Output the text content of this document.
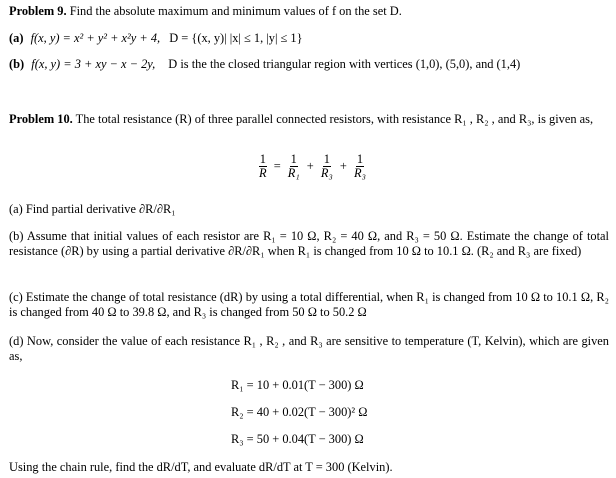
Problem 9. Find the absolute maximum and minimum values of f on the set D.
(a) f(x, y) = x² + y² + x²y + 4, D = {(x, y)| |x| ≤ 1, |y| ≤ 1}
(b) f(x, y) = 3 + xy − x − 2y, D is the the closed triangular region with vertices (1,0), (5,0), and (1,4)
Problem 10. The total resistance (R) of three parallel connected resistors, with resistance R₁ , R₂ , and R₃, is given as,
$\frac{1}{R} = \frac{1}{\text{R₁}} + \frac{1}{\text{R₃}} + \frac{1}{\text{R₃}}$
(a) Find partial derivative ∂R/∂R₁
(b) Assume that initial values of each resistor are R₁ = 10 Ω, R₂ = 40 Ω, and R₃ = 50 Ω. Estimate the change of total resistance (∂R) by using a partial derivative ∂R/∂R₁ when R₁ is changed from 10 Ω to 10.1 Ω. (R₂ and R₃ are fixed)
(c) Estimate the change of total resistance (dR) by using a total differential, when R₁ is changed from 10 Ω to 10.1 Ω, R₂ is changed from 40 Ω to 39.8 Ω, and R₃ is changed from 50 Ω to 50.2 Ω
(d) Now, consider the value of each resistance R₁ , R₂ , and R₃ are sensitive to temperature (T, Kelvin), which are given as,
R₁ = 10 + 0.01(T − 300) Ω
R₂ = 40 + 0.02(T − 300)² Ω
R₃ = 50 + 0.04(T − 300) Ω
Using the chain rule, find the dR/dT, and evaluate dR/dT at T = 300 (Kelvin).
